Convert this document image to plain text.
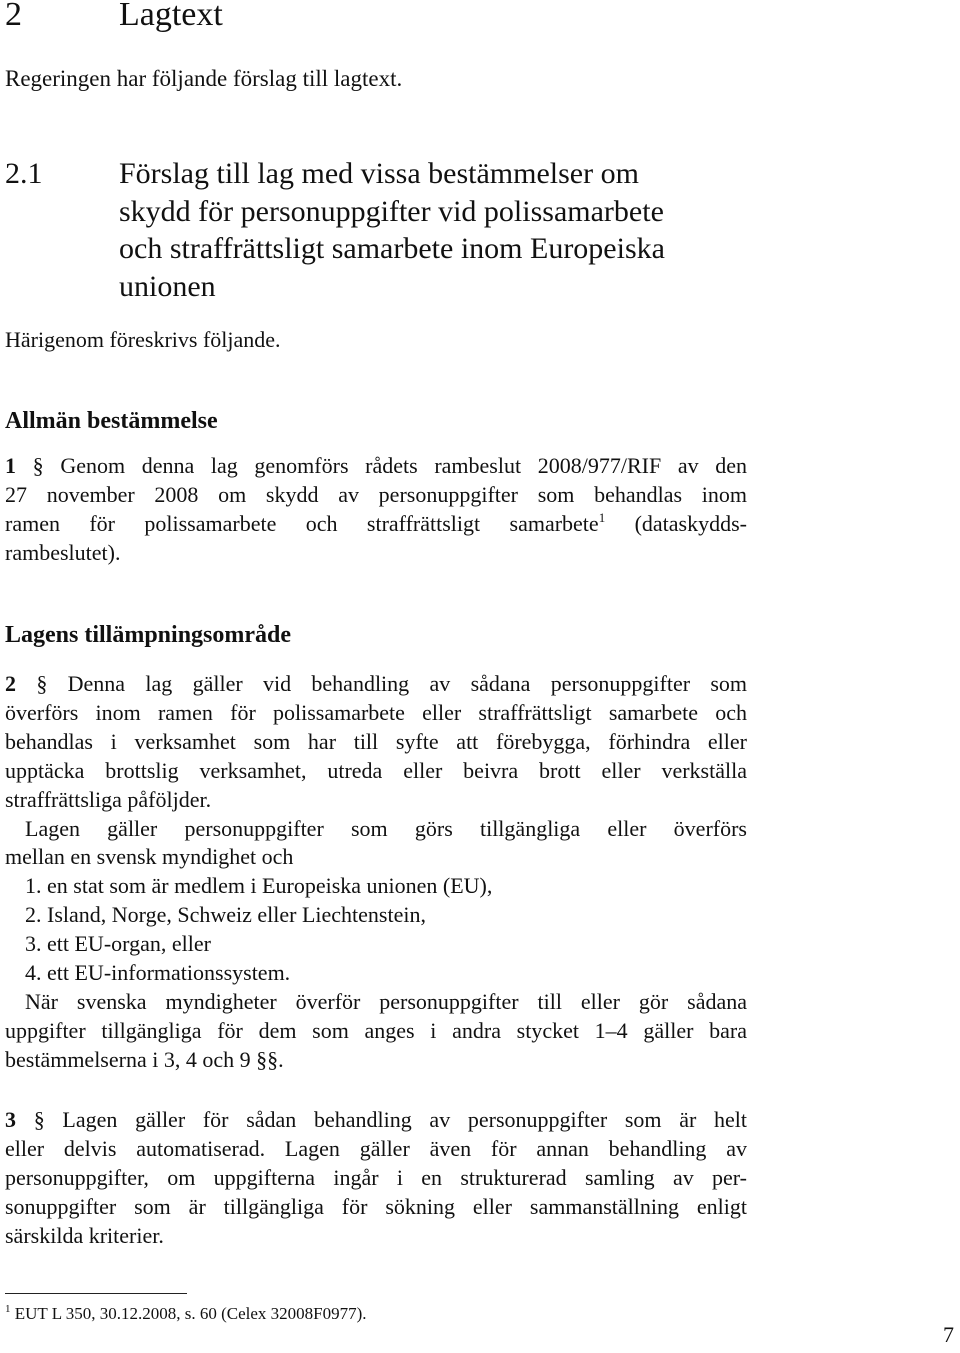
2	Lagtext
Regeringen har följande förslag till lagtext.
2.1	Förslag till lag med vissa bestämmelser om
skydd för personuppgifter vid polissamarbete
och straffrättsligt samarbete inom Europeiska
unionen
Härigenom föreskrivs följande.
Allmän bestämmelse
1 § Genom denna lag genomförs rådets rambeslut 2008/977/RIF av den
27 november 2008 om skydd av personuppgifter som behandlas inom
ramen för polissamarbete och straffrättsligt samarbete$^1$ (dataskydds-
rambeslutet).
Lagens tillämpningsområde
2 § Denna lag gäller vid behandling av sådana personuppgifter som
överförs inom ramen för polissamarbete eller straffrättsligt samarbete och
behandlas i verksamhet som har till syfte att förebygga, förhindra eller
upptäcka brottslig verksamhet, utreda eller beivra brott eller verkställa
straffrättsliga påföljder.
Lagen gäller personuppgifter som görs tillgängliga eller överförs
mellan en svensk myndighet och
1. en stat som är medlem i Europeiska unionen (EU),
2. Island, Norge, Schweiz eller Liechtenstein,
3. ett EU-organ, eller
4. ett EU-informationssystem.
När svenska myndigheter överför personuppgifter till eller gör sådana
uppgifter tillgängliga för dem som anges i andra stycket 1–4 gäller bara
bestämmelserna i 3, 4 och 9 §§.
3 § Lagen gäller för sådan behandling av personuppgifter som är helt
eller delvis automatiserad. Lagen gäller även för annan behandling av
personuppgifter, om uppgifterna ingår i en strukturerad samling av per-
sonuppgifter som är tillgängliga för sökning eller sammanställning enligt
särskilda kriterier.
$^1$ EUT L 350, 30.12.2008, s. 60 (Celex 32008F0977).
7
